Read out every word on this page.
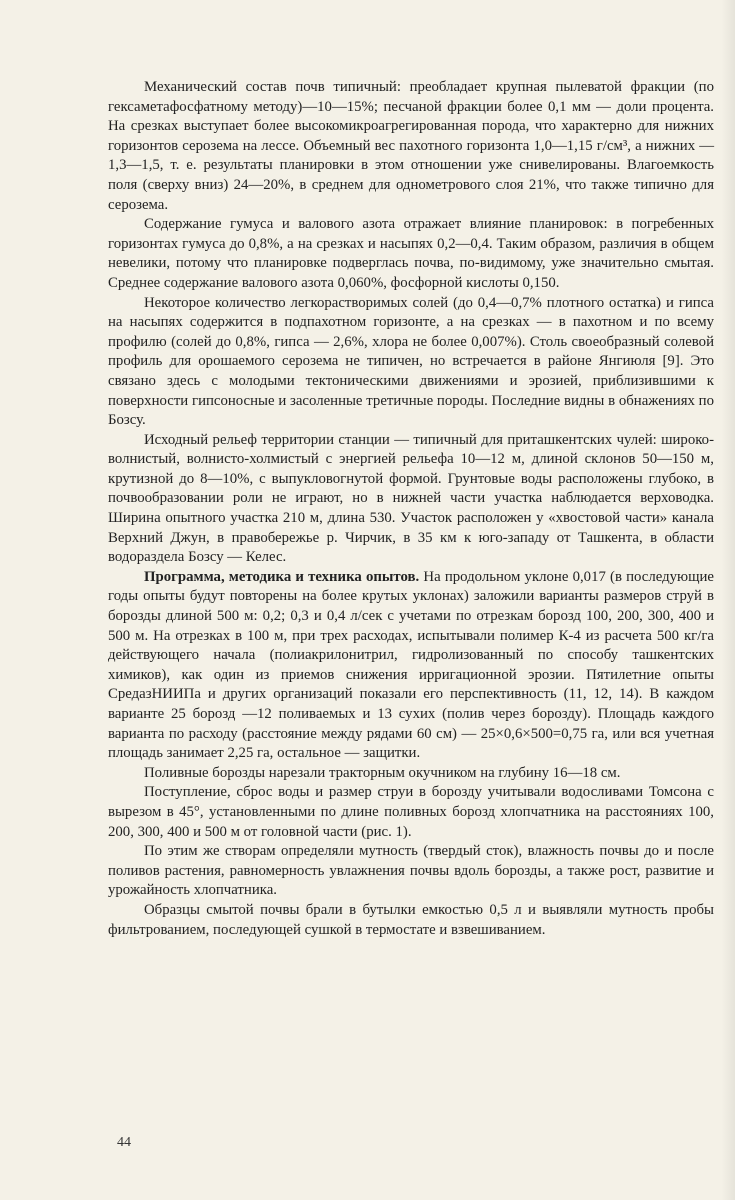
Механический состав почв типичный: преобладает крупная пылеватой фракции (по гексаметафосфатному методу)—10—15%; песчаной фракции более 0,1 мм — доли процента. На срезках выступает более высокомикроагрегированная порода, что характерно для нижних горизонтов серозема на лессе. Объемный вес пахотного горизонта 1,0—1,15 г/см³, а нижних —1,3—1,5, т. е. результаты планировки в этом отношении уже снивелированы. Влагоемкость поля (сверху вниз) 24—20%, в среднем для однометрового слоя 21%, что также типично для серозема.

Содержание гумуса и валового азота отражает влияние планировок: в погребенных горизонтах гумуса до 0,8%, а на срезках и насыпях 0,2—0,4. Таким образом, различия в общем невелики, потому что планировке подверглась почва, по-видимому, уже значительно смытая. Среднее содержание валового азота 0,060%, фосфорной кислоты 0,150.

Некоторое количество легкорастворимых солей (до 0,4—0,7% плотного остатка) и гипса на насыпях содержится в подпахотном горизонте, а на срезках — в пахотном и по всему профилю (солей до 0,8%, гипса — 2,6%, хлора не более 0,007%). Столь своеобразный солевой профиль для орошаемого серозема не типичен, но встречается в районе Янгиюля [9]. Это связано здесь с молодыми тектоническими движениями и эрозией, приблизившими к поверхности гипсоносные и засоленные третичные породы. Последние видны в обнажениях по Бозсу.

Исходный рельеф территории станции — типичный для приташкентских чулей: широко-волнистый, волнисто-холмистый с энергией рельефа 10—12 м, длиной склонов 50—150 м, крутизной до 8—10%, с выпукловогнутой формой. Грунтовые воды расположены глубоко, в почвообразовании роли не играют, но в нижней части участка наблюдается верховодка. Ширина опытного участка 210 м, длина 530. Участок расположен у «хвостовой части» канала Верхний Джун, в правобережье р. Чирчик, в 35 км к юго-западу от Ташкента, в области водораздела Бозсу — Келес.

Программа, методика и техника опытов. На продольном уклоне 0,017 (в последующие годы опыты будут повторены на более крутых уклонах) заложили варианты размеров струй в борозды длиной 500 м: 0,2; 0,3 и 0,4 л/сек с учетами по отрезкам борозд 100, 200, 300, 400 и 500 м. На отрезках в 100 м, при трех расходах, испытывали полимер К-4 из расчета 500 кг/га действующего начала (полиакрилонитрил, гидролизованный по способу ташкентских химиков), как один из приемов снижения ирригационной эрозии. Пятилетние опыты СредазНИИПа и других организаций показали его перспективность (11, 12, 14). В каждом варианте 25 борозд —12 поливаемых и 13 сухих (полив через борозду). Площадь каждого варианта по расходу (расстояние между рядами 60 см) — 25×0,6×500=0,75 га, или вся учетная площадь занимает 2,25 га, остальное — защитки.

Поливные борозды нарезали тракторным окучником на глубину 16—18 см.

Поступление, сброс воды и размер струи в борозду учитывали водосливами Томсона с вырезом в 45°, установленными по длине поливных борозд хлопчатника на расстояниях 100, 200, 300, 400 и 500 м от головной части (рис. 1).

По этим же створам определяли мутность (твердый сток), влажность почвы до и после поливов растения, равномерность увлажнения почвы вдоль борозды, а также рост, развитие и урожайность хлопчатника.

Образцы смытой почвы брали в бутылки емкостью 0,5 л и выявляли мутность пробы фильтрованием, последующей сушкой в термостате и взвешиванием.

44
